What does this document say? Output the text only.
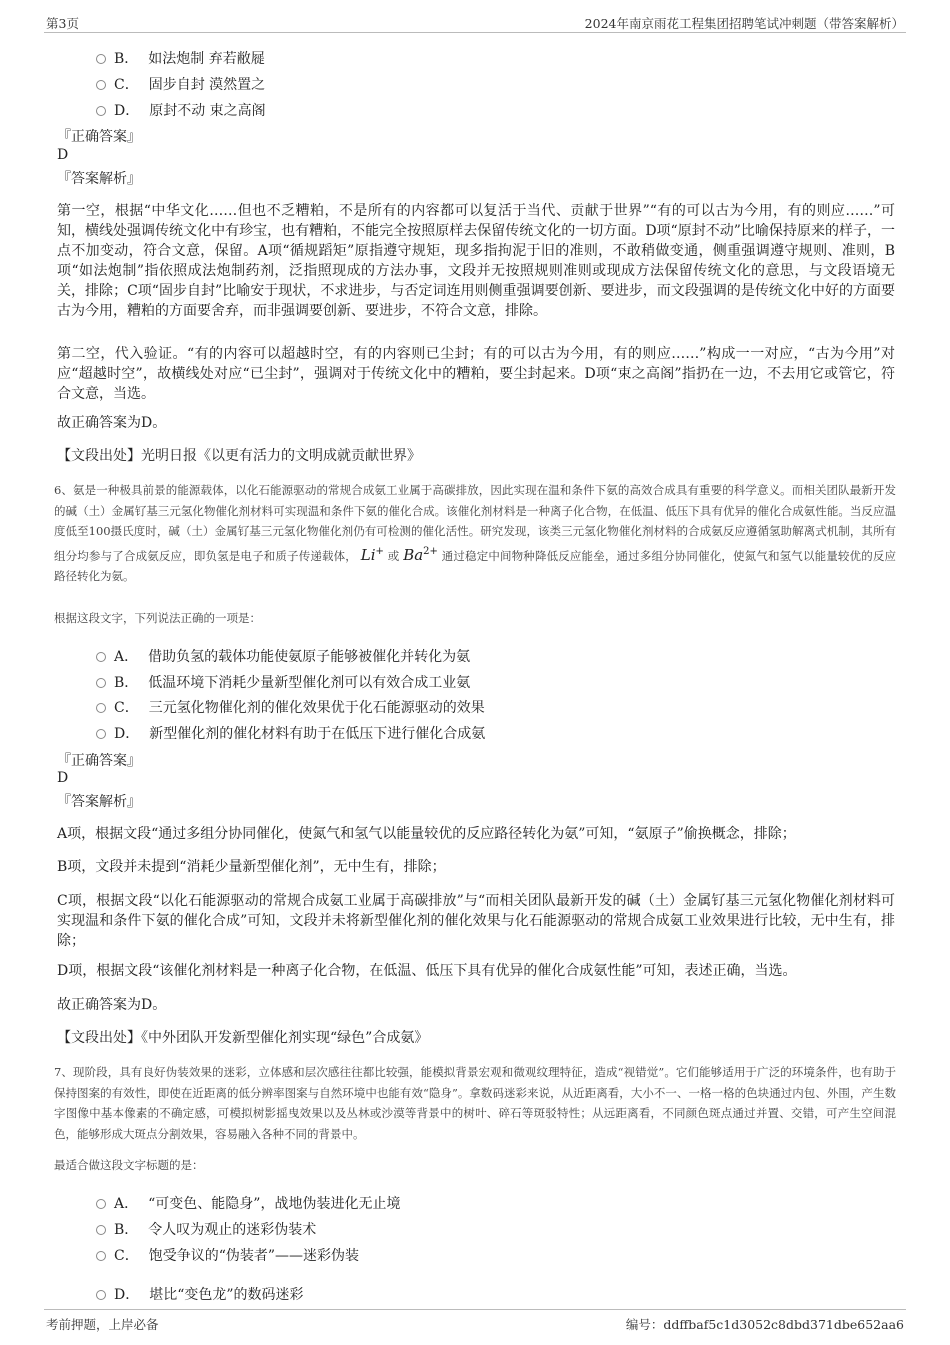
第3页	2024年南京雨花工程集团招聘笔试冲刺题（带答案解析）
B． 如法炮制 弃若敝屣
C． 固步自封 漠然置之
D． 原封不动 束之高阁
『正确答案』
D
『答案解析』
第一空，根据“中华文化……但也不乏糟粕，不是所有的内容都可以复活于当代、贡献于世界”“有的可以古为今用，有的则应……”可知，横线处强调传统文化中有珍宝，也有糟粕，不能完全按照原样去保留传统文化的一切方面。D项“原封不动”比喻保持原来的样子，一点不加变动，符合文意，保留。A项“循规蹈矩”原指遵守规矩，现多指拘泥于旧的准则，不敢稍做变通，侧重强调遵守规则、准则，B项“如法炮制”指依照成法炮制药剂，泛指照现成的方法办事，文段并无按照规则准则或现成方法保留传统文化的意思，与文段语境无关，排除；C项“固步自封”比喻安于现状，不求进步，与否定词连用则侧重强调要创新、要进步，而文段强调的是传统文化中好的方面要古为今用，糟粕的方面要舍弃，而非强调要创新、要进步，不符合文意，排除。
第二空，代入验证。“有的内容可以超越时空，有的内容则已尘封；有的可以古为今用，有的则应……”构成一一对应，“古为今用”对应“超越时空”，故横线处对应“已尘封”，强调对于传统文化中的糟粕，要尘封起来。D项“束之高阁”指扔在一边，不去用它或管它，符合文意，当选。
故正确答案为D。
【文段出处】光明日报《以更有活力的文明成就贡献世界》
6、氨是一种极具前景的能源载体，以化石能源驱动的常规合成氨工业属于高碳排放，因此实现在温和条件下氨的高效合成具有重要的科学意义。而相关团队最新开发的碱（土）金属钌基三元氢化物催化剂材料可实现温和条件下氨的催化合成。该催化剂材料是一种离子化合物，在低温、低压下具有优异的催化合成氨性能。当反应温度低至100摄氏度时，碱（土）金属钌基三元氢化物催化剂仍有可检测的催化活性。研究发现，该类三元氢化物催化剂材料的合成氨反应遵循氢助解离式机制，其所有组分均参与了合成氨反应，即负氢是电子和质子传递载体， Li+ 或 $Ba^{2+}$ 通过稳定中间物种降低反应能垒，通过多组分协同催化，使氮气和氢气以能量较优的反应路径转化为氨。
根据这段文字，下列说法正确的一项是：
A． 借助负氢的载体功能使氨原子能够被催化并转化为氨
B． 低温环境下消耗少量新型催化剂可以有效合成工业氨
C． 三元氢化物催化剂的催化效果优于化石能源驱动的效果
D． 新型催化剂的催化材料有助于在低压下进行催化合成氨
『正确答案』
D
『答案解析』
A项，根据文段“通过多组分协同催化，使氮气和氢气以能量较优的反应路径转化为氨”可知，“氨原子”偷换概念，排除；
B项，文段并未提到“消耗少量新型催化剂”，无中生有，排除；
C项，根据文段“以化石能源驱动的常规合成氨工业属于高碳排放”与“而相关团队最新开发的碱（土）金属钌基三元氢化物催化剂材料可实现温和条件下氨的催化合成”可知，文段并未将新型催化剂的催化效果与化石能源驱动的常规合成氨工业效果进行比较，无中生有，排除；
D项，根据文段“该催化剂材料是一种离子化合物，在低温、低压下具有优异的催化合成氨性能”可知，表述正确，当选。
故正确答案为D。
【文段出处】《中外团队开发新型催化剂实现“绿色”合成氨》
7、现阶段，具有良好伪装效果的迷彩，立体感和层次感往往都比较强，能模拟背景宏观和微观纹理特征，造成“视错觉”。它们能够适用于广泛的环境条件，也有助于保持图案的有效性，即使在近距离的低分辨率图案与自然环境中也能有效“隐身”。拿数码迷彩来说，从近距离看，大小不一、一格一格的色块通过内包、外围，产生数字图像中基本像素的不确定感，可模拟树影摇曳效果以及丛林或沙漠等背景中的树叶、碎石等斑驳特性；从远距离看，不同颜色斑点通过并置、交错，可产生空间混色，能够形成大斑点分割效果，容易融入各种不同的背景中。
最适合做这段文字标题的是：
A． “可变色、能隐身”，战地伪装进化无止境
B． 令人叹为观止的迷彩伪装术
C． 饱受争议的“伪装者”——迷彩伪装
D． 堪比“变色龙”的数码迷彩
考前押题，上岸必备	编号：ddffbaf5c1d3052c8dbd371dbe652aa6
